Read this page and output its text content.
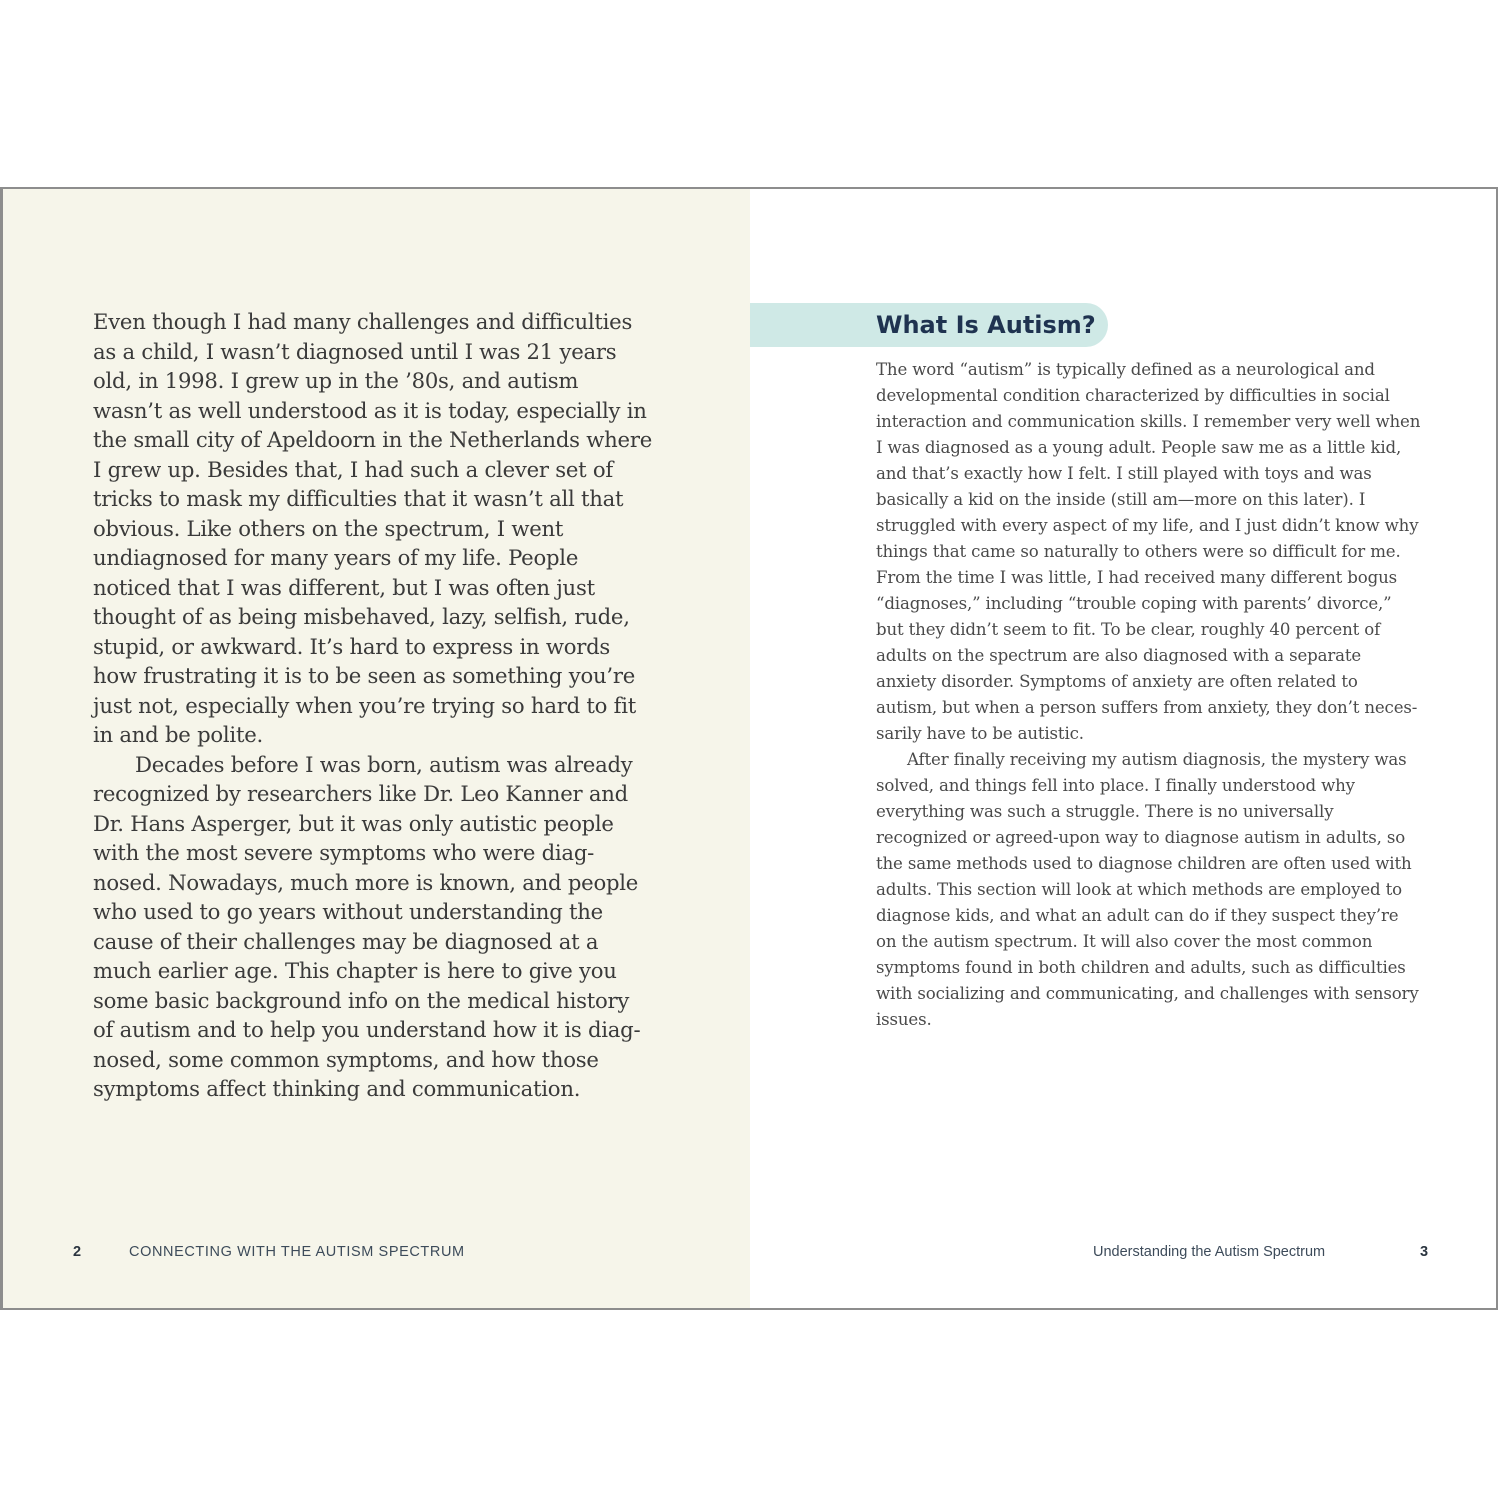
Even though I had many challenges and difficulties as a child, I wasn’t diagnosed until I was 21 years old, in 1998. I grew up in the ’80s, and autism wasn’t as well understood as it is today, especially in the small city of Apeldoorn in the Netherlands where I grew up. Besides that, I had such a clever set of tricks to mask my difficulties that it wasn’t all that obvious. Like others on the spectrum, I went undiagnosed for many years of my life. People noticed that I was different, but I was often just thought of as being misbehaved, lazy, selfish, rude, stupid, or awkward. It’s hard to express in words how frustrating it is to be seen as something you’re just not, especially when you’re trying so hard to fit in and be polite.

Decades before I was born, autism was already recognized by researchers like Dr. Leo Kanner and Dr. Hans Asperger, but it was only autistic people with the most severe symptoms who were diagnosed. Nowadays, much more is known, and people who used to go years without understanding the cause of their challenges may be diagnosed at a much earlier age. This chapter is here to give you some basic background info on the medical history of autism and to help you understand how it is diagnosed, some common symptoms, and how those symptoms affect thinking and communication.

2	CONNECTING WITH THE AUTISM SPECTRUM
What Is Autism?

The word “autism” is typically defined as a neurological and developmental condition characterized by difficulties in social interaction and communication skills. I remember very well when I was diagnosed as a young adult. People saw me as a little kid, and that’s exactly how I felt. I still played with toys and was basically a kid on the inside (still am—more on this later). I struggled with every aspect of my life, and I just didn’t know why things that came so naturally to others were so difficult for me. From the time I was little, I had received many different bogus “diagnoses,” including “trouble coping with parents’ divorce,” but they didn’t seem to fit. To be clear, roughly 40 percent of adults on the spectrum are also diagnosed with a separate anxiety disorder. Symptoms of anxiety are often related to autism, but when a person suffers from anxiety, they don’t necessarily have to be autistic.

After finally receiving my autism diagnosis, the mystery was solved, and things fell into place. I finally understood why everything was such a struggle. There is no universally recognized or agreed-upon way to diagnose autism in adults, so the same methods used to diagnose children are often used with adults. This section will look at which methods are employed to diagnose kids, and what an adult can do if they suspect they’re on the autism spectrum. It will also cover the most common symptoms found in both children and adults, such as difficulties with socializing and communicating, and challenges with sensory issues.

Understanding the Autism Spectrum	3
